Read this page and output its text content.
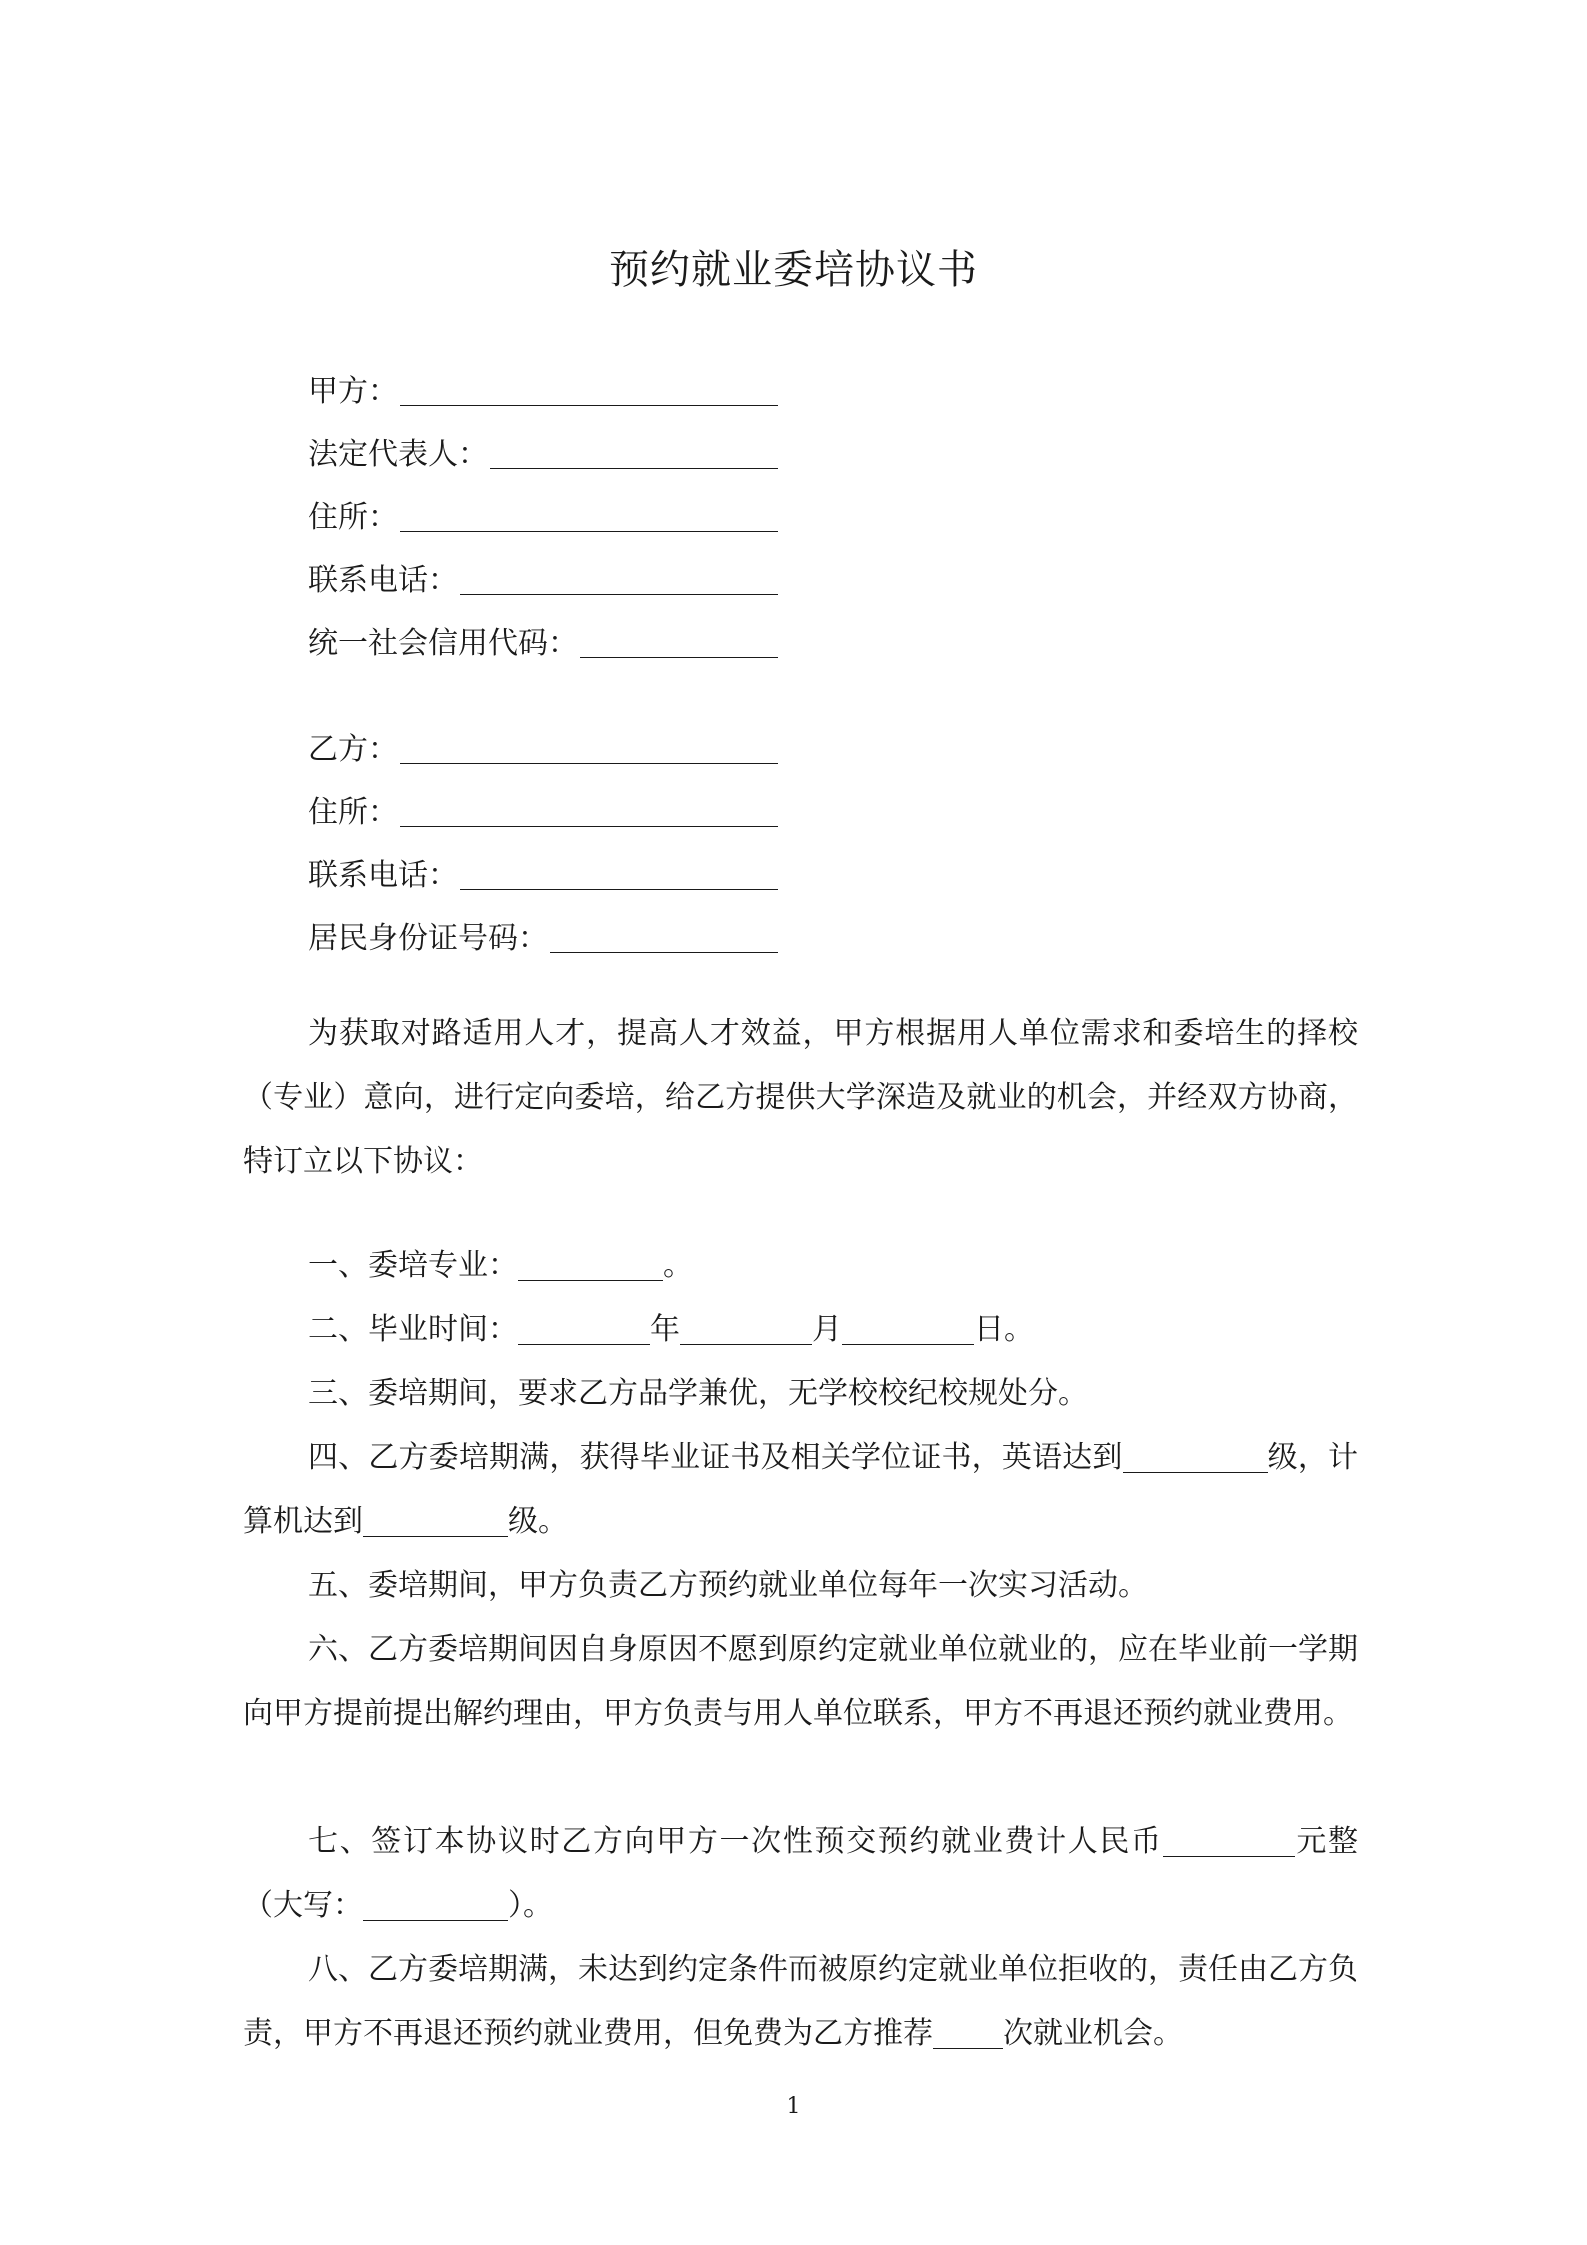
预约就业委培协议书
甲方：
法定代表人：
住所：
联系电话：
统一社会信用代码：
乙方：
住所：
联系电话：
居民身份证号码：

为获取对路适用人才，提高人才效益，甲方根据用人单位需求和委培生的择校（专业）意向，进行定向委培，给乙方提供大学深造及就业的机会，并经双方协商，特订立以下协议：

一、委培专业：	。

二、毕业时间：	年	月	日。

三、委培期间，要求乙方品学兼优，无学校校纪校规处分。

四、乙方委培期满，获得毕业证书及相关学位证书，英语达到	级，计算机达到	级。

五、委培期间，甲方负责乙方预约就业单位每年一次实习活动。

六、乙方委培期间因自身原因不愿到原约定就业单位就业的，应在毕业前一学期向甲方提前提出解约理由，甲方负责与用人单位联系，甲方不再退还预约就业费用。

七、签订本协议时乙方向甲方一次性预交预约就业费计人民币	元整（大写：	）。

八、乙方委培期满，未达到约定条件而被原约定就业单位拒收的，责任由乙方负责，甲方不再退还预约就业费用，但免费为乙方推荐 次就业机会。

1
